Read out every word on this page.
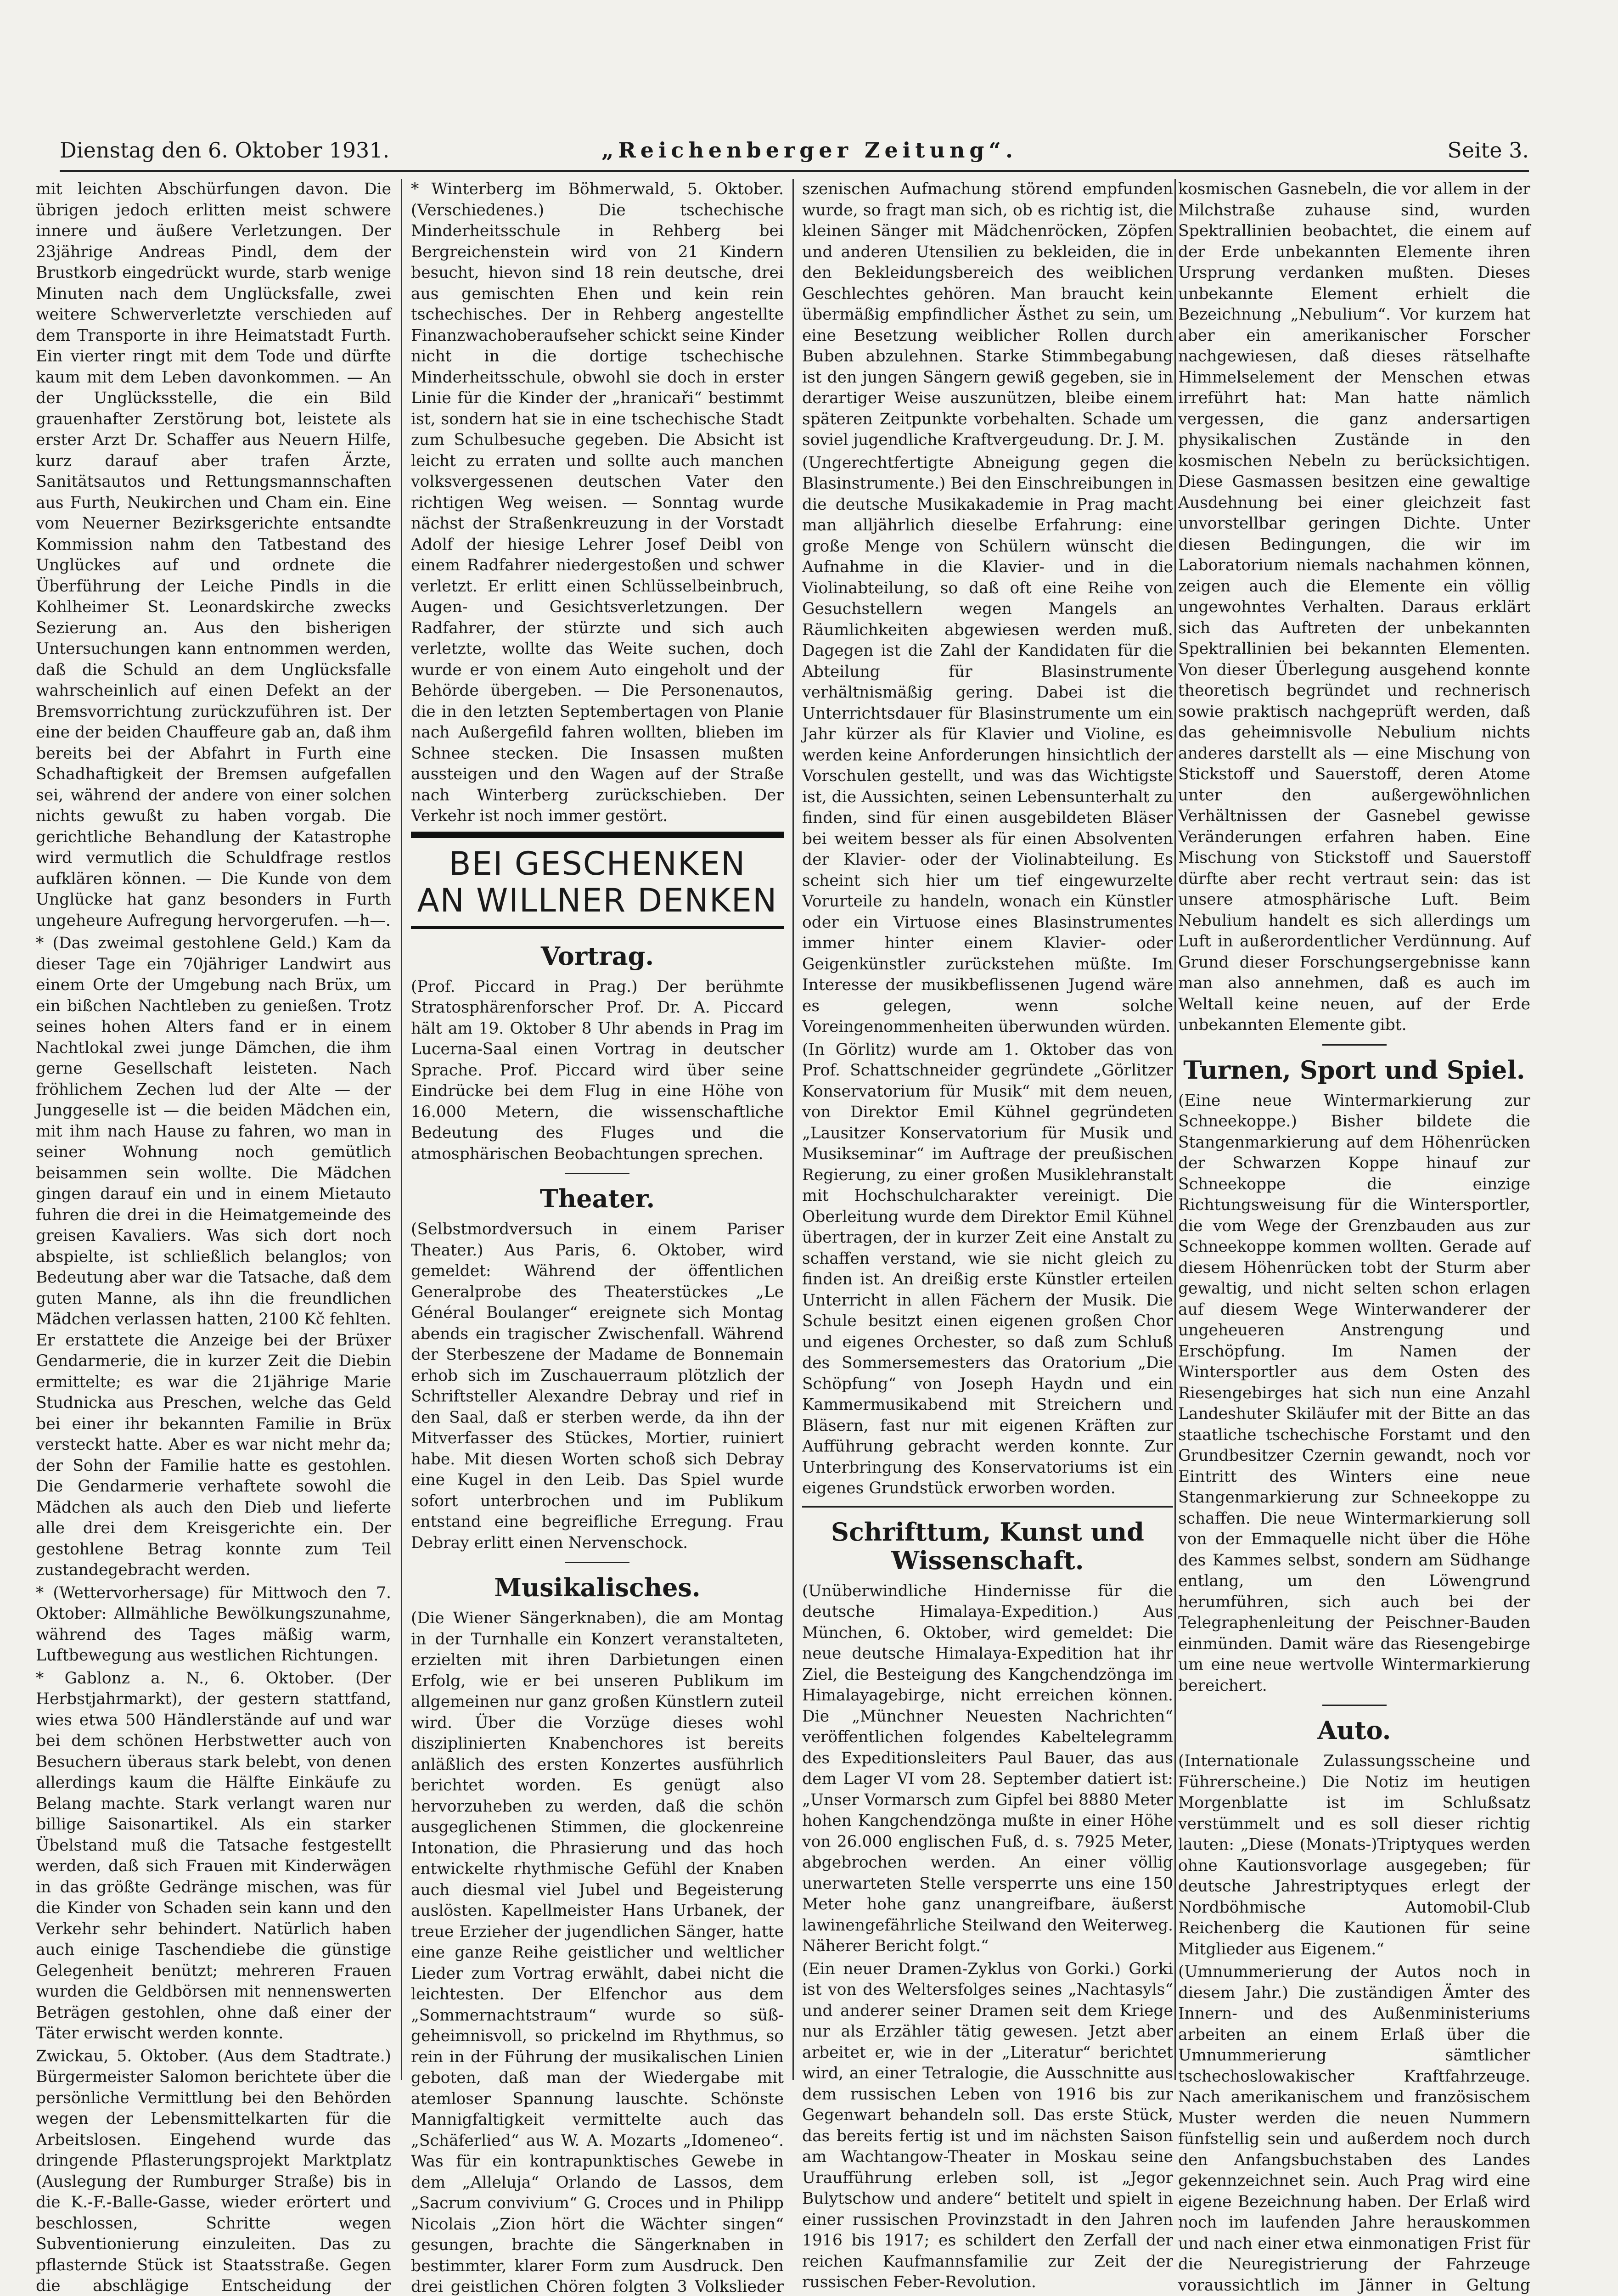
Dienstag den 6. Oktober 1931.	„Reichenberger Zeitung“.	Seite 3.

mit leichten Abschürfungen davon. Die übrigen jedoch erlitten meist schwere innere und äußere Verletzungen. Der 23jährige Andreas Pindl, dem der Brustkorb eingedrückt wurde, starb wenige Minuten nach dem Unglücksfalle, zwei weitere Schwerverletzte verschieden auf dem Transporte in ihre Heimatstadt Furth. Ein vierter ringt mit dem Tode und dürfte kaum mit dem Leben davonkommen. — An der Unglücksstelle, die ein Bild grauenhafter Zerstörung bot, leistete als erster Arzt Dr. Schaffer aus Neuern Hilfe, kurz darauf aber trafen Ärzte, Sanitätsautos und Rettungsmannschaften aus Furth, Neukirchen und Cham ein. Eine vom Neuerner Bezirksgerichte entsandte Kommission nahm den Tatbestand des Unglückes auf und ordnete die Überführung der Leiche Pindls in die Kohlheimer St. Leonardskirche zwecks Sezierung an. Aus den bisherigen Untersuchungen kann entnommen werden, daß die Schuld an dem Unglücksfalle wahrscheinlich auf einen Defekt an der Bremsvorrichtung zurückzuführen ist. Der eine der beiden Chauffeure gab an, daß ihm bereits bei der Abfahrt in Furth eine Schadhaftigkeit der Bremsen aufgefallen sei, während der andere von einer solchen nichts gewußt zu haben vorgab. Die gerichtliche Behandlung der Katastrophe wird vermutlich die Schuldfrage restlos aufklären können. — Die Kunde von dem Unglücke hat ganz besonders in Furth ungeheure Aufregung hervorgerufen. —h—.

* (Das zweimal gestohlene Geld.) Kam da dieser Tage ein 70jähriger Landwirt aus einem Orte der Umgebung nach Brüx, um ein bißchen Nachtleben zu genießen. Trotz seines hohen Alters fand er in einem Nachtlokal zwei junge Dämchen, die ihm gerne Gesellschaft leisteten. Nach fröhlichem Zechen lud der Alte — der Junggeselle ist — die beiden Mädchen ein, mit ihm nach Hause zu fahren, wo man in seiner Wohnung noch gemütlich beisammen sein wollte. Die Mädchen gingen darauf ein und in einem Mietauto fuhren die drei in die Heimatgemeinde des greisen Kavaliers. Was sich dort noch abspielte, ist schließlich belanglos; von Bedeutung aber war die Tatsache, daß dem guten Manne, als ihn die freundlichen Mädchen verlassen hatten, 2100 Kč fehlten. Er erstattete die Anzeige bei der Brüxer Gendarmerie, die in kurzer Zeit die Diebin ermittelte; es war die 21jährige Marie Studnicka aus Preschen, welche das Geld bei einer ihr bekannten Familie in Brüx versteckt hatte. Aber es war nicht mehr da; der Sohn der Familie hatte es gestohlen. Die Gendarmerie verhaftete sowohl die Mädchen als auch den Dieb und lieferte alle drei dem Kreisgerichte ein. Der gestohlene Betrag konnte zum Teil zustandegebracht werden.

* (Wettervorhersage) für Mittwoch den 7. Oktober: Allmähliche Bewölkungszunahme, während des Tages mäßig warm, Luftbewegung aus westlichen Richtungen.

* Gablonz a. N., 6. Oktober. (Der Herbstjahrmarkt), der gestern stattfand, wies etwa 500 Händlerstände auf und war bei dem schönen Herbstwetter auch von Besuchern überaus stark belebt, von denen allerdings kaum die Hälfte Einkäufe zu Belang machte. Stark verlangt waren nur billige Saisonartikel. Als ein starker Übelstand muß die Tatsache festgestellt werden, daß sich Frauen mit Kinderwägen in das größte Gedränge mischen, was für die Kinder von Schaden sein kann und den Verkehr sehr behindert. Natürlich haben auch einige Taschendiebe die günstige Gelegenheit benützt; mehreren Frauen wurden die Geldbörsen mit nennenswerten Beträgen gestohlen, ohne daß einer der Täter erwischt werden konnte.

Zwickau, 5. Oktober. (Aus dem Stadtrate.) Bürgermeister Salomon berichtete über die persönliche Vermittlung bei den Behörden wegen der Lebensmittelkarten für die Arbeitslosen. Eingehend wurde das dringende Pflasterungsprojekt Marktplatz (Auslegung der Rumburger Straße) bis in die K.-F.-Balle-Gasse, wieder erörtert und beschlossen, Schritte wegen Subventionierung einzuleiten. Das zu pflasternde Stück ist Staatsstraße. Gegen die abschlägige Entscheidung der

* Winterberg im Böhmerwald, 5. Oktober. (Verschiedenes.) Die tschechische Minderheitsschule in Rehberg bei Bergreichenstein wird von 21 Kindern besucht, hievon sind 18 rein deutsche, drei aus gemischten Ehen und kein rein tschechisches. Der in Rehberg angestellte Finanzwachoberaufseher schickt seine Kinder nicht in die dortige tschechische Minderheitsschule, obwohl sie doch in erster Linie für die Kinder der „hranicaři“ bestimmt ist, sondern hat sie in eine tschechische Stadt zum Schulbesuche gegeben. Die Absicht ist leicht zu erraten und sollte auch manchen volksvergessenen deutschen Vater den richtigen Weg weisen. — Sonntag wurde nächst der Straßenkreuzung in der Vorstadt Adolf der hiesige Lehrer Josef Deibl von einem Radfahrer niedergestoßen und schwer verletzt. Er erlitt einen Schlüsselbeinbruch, Augen- und Gesichtsverletzungen. Der Radfahrer, der stürzte und sich auch verletzte, wollte das Weite suchen, doch wurde er von einem Auto eingeholt und der Behörde übergeben. — Die Personenautos, die in den letzten Septembertagen von Planie nach Außergefild fahren wollten, blieben im Schnee stecken. Die Insassen mußten aussteigen und den Wagen auf der Straße nach Winterberg zurückschieben. Der Verkehr ist noch immer gestört.

BEI GESCHENKEN
AN WILLNER DENKEN
Vortrag.

(Prof. Piccard in Prag.) Der berühmte Stratosphärenforscher Prof. Dr. A. Piccard hält am 19. Oktober 8 Uhr abends in Prag im Lucerna-Saal einen Vortrag in deutscher Sprache. Prof. Piccard wird über seine Eindrücke bei dem Flug in eine Höhe von 16.000 Metern, die wissenschaftliche Bedeutung des Fluges und die atmosphärischen Beobachtungen sprechen.

Theater.

(Selbstmordversuch in einem Pariser Theater.) Aus Paris, 6. Oktober, wird gemeldet: Während der öffentlichen Generalprobe des Theaterstückes „Le Général Boulanger“ ereignete sich Montag abends ein tragischer Zwischenfall. Während der Sterbeszene der Madame de Bonnemain erhob sich im Zuschauerraum plötzlich der Schriftsteller Alexandre Debray und rief in den Saal, daß er sterben werde, da ihn der Mitverfasser des Stückes, Mortier, ruiniert habe. Mit diesen Worten schoß sich Debray eine Kugel in den Leib. Das Spiel wurde sofort unterbrochen und im Publikum entstand eine begreifliche Erregung. Frau Debray erlitt einen Nervenschock.

Musikalisches.

(Die Wiener Sängerknaben), die am Montag in der Turnhalle ein Konzert veranstalteten, erzielten mit ihren Darbietungen einen Erfolg, wie er bei unseren Publikum im allgemeinen nur ganz großen Künstlern zuteil wird. Über die Vorzüge dieses wohl disziplinierten Knabenchores ist bereits anläßlich des ersten Konzertes ausführlich berichtet worden. Es genügt also hervorzuheben zu werden, daß die schön ausgeglichenen Stimmen, die glockenreine Intonation, die Phrasierung und das hoch entwickelte rhythmische Gefühl der Knaben auch diesmal viel Jubel und Begeisterung auslösten. Kapellmeister Hans Urbanek, der treue Erzieher der jugendlichen Sänger, hatte eine ganze Reihe geistlicher und weltlicher Lieder zum Vortrag erwählt, dabei nicht die leichtesten. Der Elfenchor aus dem „Sommernachtstraum“ wurde so süß-geheimnisvoll, so prickelnd im Rhythmus, so rein in der Führung der musikalischen Linien geboten, daß man der Wiedergabe mit atemloser Spannung lauschte. Schönste Mannigfaltigkeit vermittelte auch das „Schäferlied“ aus W. A. Mozarts „Idomeneo“. Was für ein kontrapunktisches Gewebe in dem „Alleluja“ Orlando de Lassos, dem „Sacrum convivium“ G. Croces und in Philipp Nicolais „Zion hört die Wächter singen“ gesungen, brachte die Sängerknaben in bestimmter, klarer Form zum Ausdruck. Den drei geistlichen Chören folgten 3 Volkslieder

szenischen Aufmachung störend empfunden wurde, so fragt man sich, ob es richtig ist, die kleinen Sänger mit Mädchenröcken, Zöpfen und anderen Utensilien zu bekleiden, die in den Bekleidungsbereich des weiblichen Geschlechtes gehören. Man braucht kein übermäßig empfindlicher Ästhet zu sein, um eine Besetzung weiblicher Rollen durch Buben abzulehnen. Starke Stimmbegabung ist den jungen Sängern gewiß gegeben, sie in derartiger Weise auszunützen, bleibe einem späteren Zeitpunkte vorbehalten. Schade um soviel jugendliche Kraftvergeudung. Dr. J. M.

(Ungerechtfertigte Abneigung gegen die Blasinstrumente.) Bei den Einschreibungen in die deutsche Musikakademie in Prag macht man alljährlich dieselbe Erfahrung: eine große Menge von Schülern wünscht die Aufnahme in die Klavier- und in die Violinabteilung, so daß oft eine Reihe von Gesuchstellern wegen Mangels an Räumlichkeiten abgewiesen werden muß. Dagegen ist die Zahl der Kandidaten für die Abteilung für Blasinstrumente verhältnismäßig gering. Dabei ist die Unterrichtsdauer für Blasinstrumente um ein Jahr kürzer als für Klavier und Violine, es werden keine Anforderungen hinsichtlich der Vorschulen gestellt, und was das Wichtigste ist, die Aussichten, seinen Lebensunterhalt zu finden, sind für einen ausgebildeten Bläser bei weitem besser als für einen Absolventen der Klavier- oder der Violinabteilung. Es scheint sich hier um tief eingewurzelte Vorurteile zu handeln, wonach ein Künstler oder ein Virtuose eines Blasinstrumentes immer hinter einem Klavier- oder Geigenkünstler zurückstehen müßte. Im Interesse der musikbeflissenen Jugend wäre es gelegen, wenn solche Voreingenommenheiten überwunden würden.

(In Görlitz) wurde am 1. Oktober das von Prof. Schattschneider gegründete „Görlitzer Konservatorium für Musik“ mit dem neuen, von Direktor Emil Kühnel gegründeten „Lausitzer Konservatorium für Musik und Musikseminar“ im Auftrage der preußischen Regierung, zu einer großen Musiklehranstalt mit Hochschulcharakter vereinigt. Die Oberleitung wurde dem Direktor Emil Kühnel übertragen, der in kurzer Zeit eine Anstalt zu schaffen verstand, wie sie nicht gleich zu finden ist. An dreißig erste Künstler erteilen Unterricht in allen Fächern der Musik. Die Schule besitzt einen eigenen großen Chor und eigenes Orchester, so daß zum Schluß des Sommersemesters das Oratorium „Die Schöpfung“ von Joseph Haydn und ein Kammermusikabend mit Streichern und Bläsern, fast nur mit eigenen Kräften zur Aufführung gebracht werden konnte. Zur Unterbringung des Konservatoriums ist ein eigenes Grundstück erworben worden.

Schrifttum, Kunst und Wissenschaft.

(Unüberwindliche Hindernisse für die deutsche Himalaya-Expedition.) Aus München, 6. Oktober, wird gemeldet: Die neue deutsche Himalaya-Expedition hat ihr Ziel, die Besteigung des Kangchendzönga im Himalayagebirge, nicht erreichen können. Die „Münchner Neuesten Nachrichten“ veröffentlichen folgendes Kabeltelegramm des Expeditionsleiters Paul Bauer, das aus dem Lager VI vom 28. September datiert ist: „Unser Vormarsch zum Gipfel bei 8880 Meter hohen Kangchendzönga mußte in einer Höhe von 26.000 englischen Fuß, d. s. 7925 Meter, abgebrochen werden. An einer völlig unerwarteten Stelle versperrte uns eine 150 Meter hohe ganz unangreifbare, äußerst lawinengefährliche Steilwand den Weiterweg. Näherer Bericht folgt.“

(Ein neuer Dramen-Zyklus von Gorki.) Gorki ist von des Weltersfolges seines „Nachtasyls“ und anderer seiner Dramen seit dem Kriege nur als Erzähler tätig gewesen. Jetzt aber arbeitet er, wie in der „Literatur“ berichtet wird, an einer Tetralogie, die Ausschnitte aus dem russischen Leben von 1916 bis zur Gegenwart behandeln soll. Das erste Stück, das bereits fertig ist und im nächsten Saison am Wachtangow-Theater in Moskau seine Uraufführung erleben soll, ist „Jegor Bulytschow und andere“ betitelt und spielt in einer russischen Provinzstadt in den Jahren 1916 bis 1917; es schildert den Zerfall der reichen Kaufmannsfamilie zur Zeit der russischen Feber-Revolution.

kosmischen Gasnebeln, die vor allem in der Milchstraße zuhause sind, wurden Spektrallinien beobachtet, die einem auf der Erde unbekannten Elemente ihren Ursprung verdanken mußten. Dieses unbekannte Element erhielt die Bezeichnung „Nebulium“. Vor kurzem hat aber ein amerikanischer Forscher nachgewiesen, daß dieses rätselhafte Himmelselement der Menschen etwas irreführt hat: Man hatte nämlich vergessen, die ganz andersartigen physikalischen Zustände in den kosmischen Nebeln zu berücksichtigen. Diese Gasmassen besitzen eine gewaltige Ausdehnung bei einer gleichzeit fast unvorstellbar geringen Dichte. Unter diesen Bedingungen, die wir im Laboratorium niemals nachahmen können, zeigen auch die Elemente ein völlig ungewohntes Verhalten. Daraus erklärt sich das Auftreten der unbekannten Spektrallinien bei bekannten Elementen. Von dieser Überlegung ausgehend konnte theoretisch begründet und rechnerisch sowie praktisch nachgeprüft werden, daß das geheimnisvolle Nebulium nichts anderes darstellt als — eine Mischung von Stickstoff und Sauerstoff, deren Atome unter den außergewöhnlichen Verhältnissen der Gasnebel gewisse Veränderungen erfahren haben. Eine Mischung von Stickstoff und Sauerstoff dürfte aber recht vertraut sein: das ist unsere atmosphärische Luft. Beim Nebulium handelt es sich allerdings um Luft in außerordentlicher Verdünnung. Auf Grund dieser Forschungsergebnisse kann man also annehmen, daß es auch im Weltall keine neuen, auf der Erde unbekannten Elemente gibt.

Turnen, Sport und Spiel.

(Eine neue Wintermarkierung zur Schneekoppe.) Bisher bildete die Stangenmarkierung auf dem Höhenrücken der Schwarzen Koppe hinauf zur Schneekoppe die einzige Richtungsweisung für die Wintersportler, die vom Wege der Grenzbauden aus zur Schneekoppe kommen wollten. Gerade auf diesem Höhenrücken tobt der Sturm aber gewaltig, und nicht selten schon erlagen auf diesem Wege Winterwanderer der ungeheueren Anstrengung und Erschöpfung. Im Namen der Wintersportler aus dem Osten des Riesengebirges hat sich nun eine Anzahl Landeshuter Skiläufer mit der Bitte an das staatliche tschechische Forstamt und den Grundbesitzer Czernin gewandt, noch vor Eintritt des Winters eine neue Stangenmarkierung zur Schneekoppe zu schaffen. Die neue Wintermarkierung soll von der Emmaquelle nicht über die Höhe des Kammes selbst, sondern am Südhange entlang, um den Löwengrund herumführen, sich auch bei der Telegraphenleitung der Peischner-Bauden einmünden. Damit wäre das Riesengebirge um eine neue wertvolle Wintermarkierung bereichert.

Auto.

(Internationale Zulassungsscheine und Führerscheine.) Die Notiz im heutigen Morgenblatte ist im Schlußsatz verstümmelt und es soll dieser richtig lauten: „Diese (Monats-)Triptyques werden ohne Kautionsvorlage ausgegeben; für deutsche Jahrestriptyques erlegt der Nordböhmische Automobil-Club Reichenberg die Kautionen für seine Mitglieder aus Eigenem.“

(Umnummerierung der Autos noch in diesem Jahr.) Die zuständigen Ämter des Innern- und des Außenministeriums arbeiten an einem Erlaß über die Umnummerierung sämtlicher tschechoslowakischer Kraftfahrzeuge. Nach amerikanischem und französischem Muster werden die neuen Nummern fünfstellig sein und außerdem noch durch den Anfangsbuchstaben des Landes gekennzeichnet sein. Auch Prag wird eine eigene Bezeichnung haben. Der Erlaß wird noch im laufenden Jahre herauskommen und nach einer etwa einmonatigen Frist für die Neuregistrierung der Fahrzeuge voraussichtlich im Jänner in Geltung
